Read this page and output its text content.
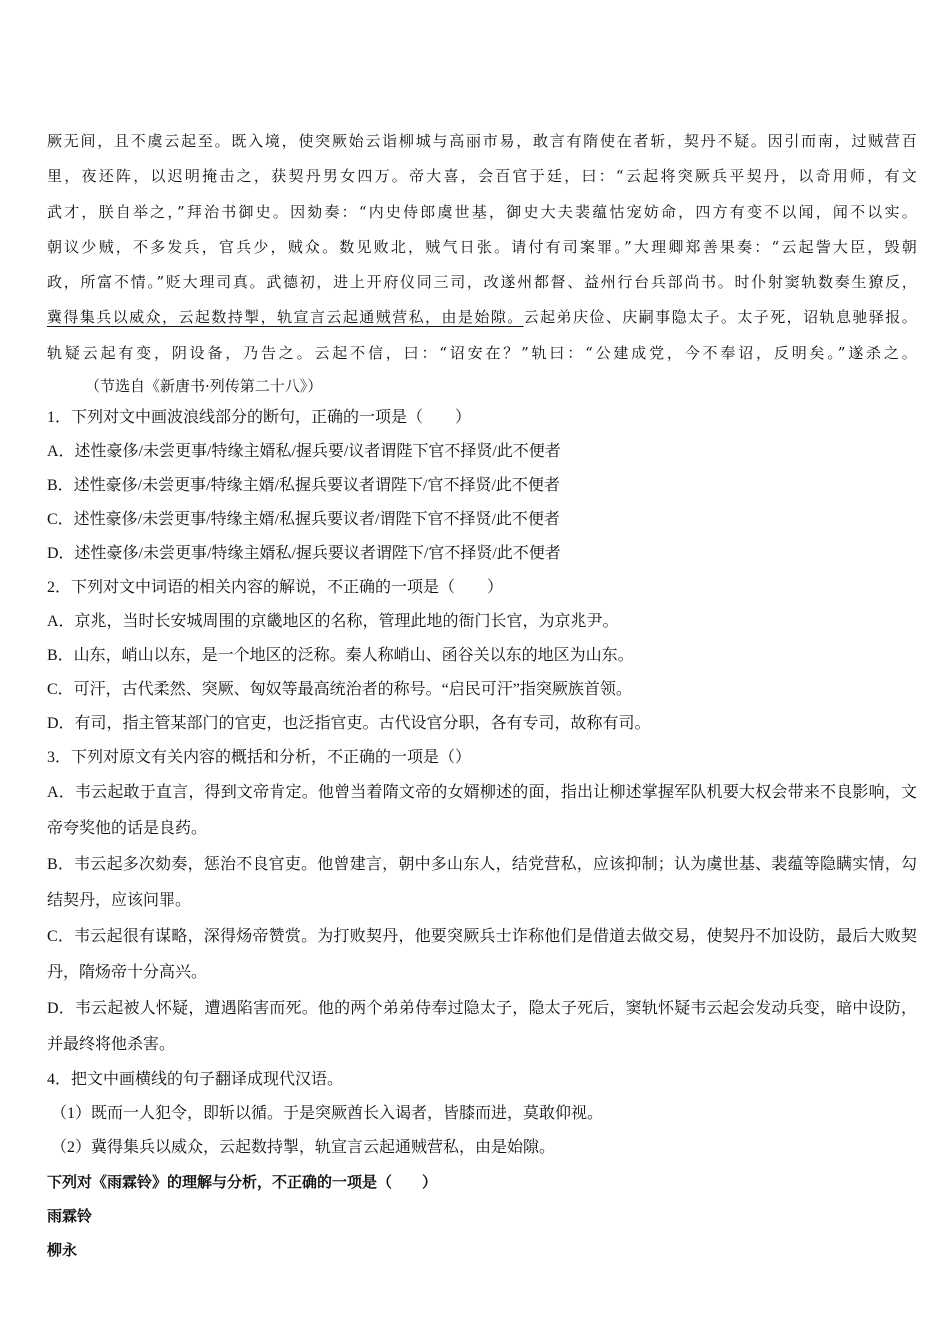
厥无间，且不虞云起至。既入境，使突厥始云诣柳城与高丽市易，敢言有隋使在者斩，契丹不疑。因引而南，过贼营百
里，夜还阵，以迟明掩击之，获契丹男女四万。帝大喜，会百官于廷，曰：“云起将突厥兵平契丹，以奇用师，有文
武才，朕自举之，”拜治书御史。因劾奏：“内史侍郎虞世基，御史大夫裴蕴怙宠妨命，四方有变不以闻，闻不以实。
朝议少贼，不多发兵，官兵少，贼众。数见败北，贼气日张。请付有司案罪。”大理卿郑善果奏：“云起訾大臣，毁朝
政，所富不情。”贬大理司真。武德初，进上开府仪同三司，改遂州都督、益州行台兵部尚书。时仆射窦轨数奏生獠反，
冀得集兵以威众，云起数持掣，轨宣言云起通贼营私，由是始隙。云起弟庆俭、庆嗣事隐太子。太子死，诏轨息驰驿报。
轨疑云起有变，阴设备，乃告之。云起不信，曰：“诏安在？”轨曰：“公建成党，今不奉诏，反明矣。”遂杀之。

（节选自《新唐书·列传第二十八》）

1．下列对文中画波浪线部分的断句，正确的一项是（　　）

A．述性豪侈/未尝更事/特缘主婿私/握兵要/议者谓陛下官不择贤/此不便者

B．述性豪侈/未尝更事/特缘主婿/私握兵要议者谓陛下/官不择贤/此不便者

C．述性豪侈/未尝更事/特缘主婿/私握兵要议者/谓陛下官不择贤/此不便者

D．述性豪侈/未尝更事/特缘主婿私/握兵要议者谓陛下/官不择贤/此不便者

2．下列对文中词语的相关内容的解说，不正确的一项是（　　）

A．京兆，当时长安城周围的京畿地区的名称，管理此地的衙门长官，为京兆尹。

B．山东，峭山以东，是一个地区的泛称。秦人称峭山、函谷关以东的地区为山东。

C．可汗，古代柔然、突厥、匈奴等最高统治者的称号。“启民可汗”指突厥族首领。

D．有司，指主管某部门的官吏，也泛指官吏。古代设官分职，各有专司，故称有司。

3．下列对原文有关内容的概括和分析，不正确的一项是（）

A．韦云起敢于直言，得到文帝肯定。他曾当着隋文帝的女婿柳述的面，指出让柳述掌握军队机要大权会带来不良影响，文帝夸奖他的话是良药。

B．韦云起多次劾奏，惩治不良官吏。他曾建言，朝中多山东人，结党营私，应该抑制；认为虞世基、裴蕴等隐瞒实情，勾结契丹，应该问罪。

C．韦云起很有谋略，深得炀帝赞赏。为打败契丹，他要突厥兵士诈称他们是借道去做交易，使契丹不加设防，最后大败契丹，隋炀帝十分高兴。

D．韦云起被人怀疑，遭遇陷害而死。他的两个弟弟侍奉过隐太子，隐太子死后，窦轨怀疑韦云起会发动兵变，暗中设防，并最终将他杀害。

4．把文中画横线的句子翻译成现代汉语。

（1）既而一人犯令，即斩以循。于是突厥酋长入谒者，皆膝而进，莫敢仰视。

（2）冀得集兵以威众，云起数持掣，轨宣言云起通贼营私，由是始隙。

下列对《雨霖铃》的理解与分析，不正确的一项是（　　）

雨霖铃

柳永
